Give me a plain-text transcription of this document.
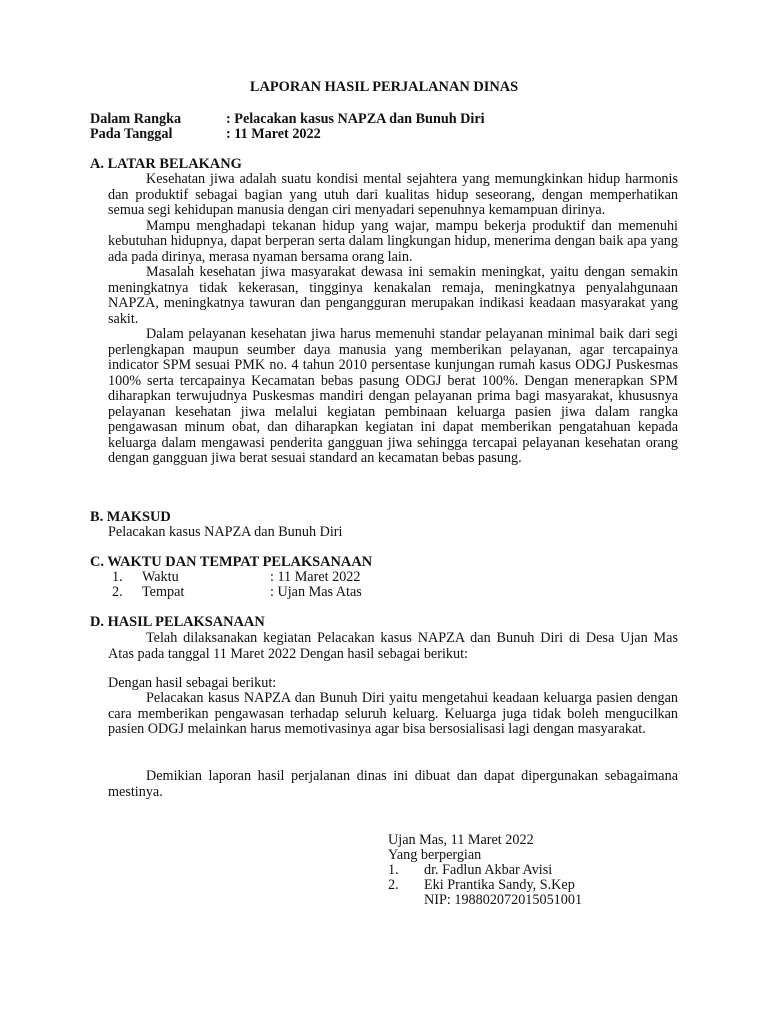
LAPORAN HASIL PERJALANAN DINAS
Dalam Rangka	: Pelacakan kasus NAPZA dan Bunuh Diri
Pada Tanggal	: 11 Maret 2022
A. LATAR BELAKANG

Kesehatan jiwa adalah suatu kondisi mental sejahtera yang memungkinkan hidup harmonis dan produktif sebagai bagian yang utuh dari kualitas hidup seseorang, dengan memperhatikan semua segi kehidupan manusia dengan ciri menyadari sepenuhnya kemampuan dirinya.

Mampu menghadapi tekanan hidup yang wajar, mampu bekerja produktif dan memenuhi kebutuhan hidupnya, dapat berperan serta dalam lingkungan hidup, menerima dengan baik apa yang ada pada dirinya, merasa nyaman bersama orang lain.

Masalah kesehatan jiwa masyarakat dewasa ini semakin meningkat, yaitu dengan semakin meningkatnya tidak kekerasan, tingginya kenakalan remaja, meningkatnya penyalahgunaan NAPZA, meningkatnya tawuran dan pengangguran merupakan indikasi keadaan masyarakat yang sakit.

Dalam pelayanan kesehatan jiwa harus memenuhi standar pelayanan minimal baik dari segi perlengkapan maupun seumber daya manusia yang memberikan pelayanan, agar tercapainya indicator SPM sesuai PMK no. 4 tahun 2010 persentase kunjungan rumah kasus ODGJ Puskesmas 100% serta tercapainya Kecamatan bebas pasung ODGJ berat 100%. Dengan menerapkan SPM diharapkan terwujudnya Puskesmas mandiri dengan pelayanan prima bagi masyarakat, khususnya pelayanan kesehatan jiwa melalui kegiatan pembinaan keluarga pasien jiwa dalam rangka pengawasan minum obat, dan diharapkan kegiatan ini dapat memberikan pengatahuan kepada keluarga dalam mengawasi penderita gangguan jiwa sehingga tercapai pelayanan kesehatan orang dengan gangguan jiwa berat sesuai standard an kecamatan bebas pasung.

B. MAKSUD
Pelacakan kasus NAPZA dan Bunuh Diri
C. WAKTU DAN TEMPAT PELAKSANAAN
1. Waktu	: 11 Maret 2022
2. Tempat	: Ujan Mas Atas
D. HASIL PELAKSANAAN

Telah dilaksanakan kegiatan Pelacakan kasus NAPZA dan Bunuh Diri di Desa Ujan Mas Atas pada tanggal 11 Maret 2022 Dengan hasil sebagai berikut:

Dengan hasil sebagai berikut:

Pelacakan kasus NAPZA dan Bunuh Diri yaitu mengetahui keadaan keluarga pasien dengan cara memberikan pengawasan terhadap seluruh keluarg. Keluarga juga tidak boleh mengucilkan pasien ODGJ melainkan harus memotivasinya agar bisa bersosialisasi lagi dengan masyarakat.

Demikian laporan hasil perjalanan dinas ini dibuat dan dapat dipergunakan sebagaimana mestinya.

Ujan Mas, 11 Maret 2022
Yang berpergian
1. dr. Fadlun Akbar Avisi
2. Eki Prantika Sandy, S.Kep
NIP: 198802072015051001
